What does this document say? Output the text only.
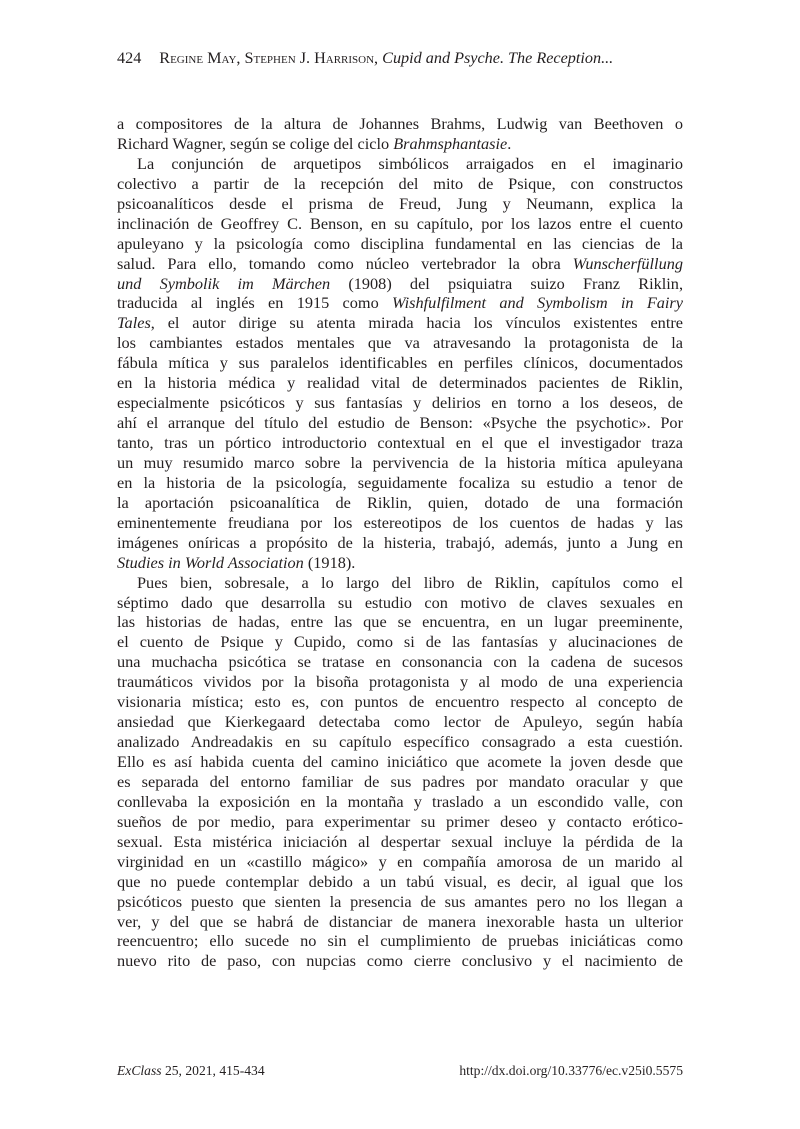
424 Regine May, Stephen J. Harrison, Cupid and Psyche. The Reception...
a compositores de la altura de Johannes Brahms, Ludwig van Beethoven o
Richard Wagner, según se colige del ciclo Brahmsphantasie.
La conjunción de arquetipos simbólicos arraigados en el imaginario
colectivo a partir de la recepción del mito de Psique, con constructos
psicoanalíticos desde el prisma de Freud, Jung y Neumann, explica la
inclinación de Geoffrey C. Benson, en su capítulo, por los lazos entre el cuento
apuleyano y la psicología como disciplina fundamental en las ciencias de la
salud. Para ello, tomando como núcleo vertebrador la obra Wunscherfüllung
und Symbolik im Märchen (1908) del psiquiatra suizo Franz Riklin,
traducida al inglés en 1915 como Wishfulfilment and Symbolism in Fairy
Tales, el autor dirige su atenta mirada hacia los vínculos existentes entre
los cambiantes estados mentales que va atravesando la protagonista de la
fábula mítica y sus paralelos identificables en perfiles clínicos, documentados
en la historia médica y realidad vital de determinados pacientes de Riklin,
especialmente psicóticos y sus fantasías y delirios en torno a los deseos, de
ahí el arranque del título del estudio de Benson: «Psyche the psychotic». Por
tanto, tras un pórtico introductorio contextual en el que el investigador traza
un muy resumido marco sobre la pervivencia de la historia mítica apuleyana
en la historia de la psicología, seguidamente focaliza su estudio a tenor de
la aportación psicoanalítica de Riklin, quien, dotado de una formación
eminentemente freudiana por los estereotipos de los cuentos de hadas y las
imágenes oníricas a propósito de la histeria, trabajó, además, junto a Jung en
Studies in World Association (1918).
Pues bien, sobresale, a lo largo del libro de Riklin, capítulos como el
séptimo dado que desarrolla su estudio con motivo de claves sexuales en
las historias de hadas, entre las que se encuentra, en un lugar preeminente,
el cuento de Psique y Cupido, como si de las fantasías y alucinaciones de
una muchacha psicótica se tratase en consonancia con la cadena de sucesos
traumáticos vividos por la bisoña protagonista y al modo de una experiencia
visionaria mística; esto es, con puntos de encuentro respecto al concepto de
ansiedad que Kierkegaard detectaba como lector de Apuleyo, según había
analizado Andreadakis en su capítulo específico consagrado a esta cuestión.
Ello es así habida cuenta del camino iniciático que acomete la joven desde que
es separada del entorno familiar de sus padres por mandato oracular y que
conllevaba la exposición en la montaña y traslado a un escondido valle, con
sueños de por medio, para experimentar su primer deseo y contacto erótico-
sexual. Esta mistérica iniciación al despertar sexual incluye la pérdida de la
virginidad en un «castillo mágico» y en compañía amorosa de un marido al
que no puede contemplar debido a un tabú visual, es decir, al igual que los
psicóticos puesto que sienten la presencia de sus amantes pero no los llegan a
ver, y del que se habrá de distanciar de manera inexorable hasta un ulterior
reencuentro; ello sucede no sin el cumplimiento de pruebas iniciáticas como
nuevo rito de paso, con nupcias como cierre conclusivo y el nacimiento de
ExClass 25, 2021, 415-434	http://dx.doi.org/10.33776/ec.v25i0.5575
